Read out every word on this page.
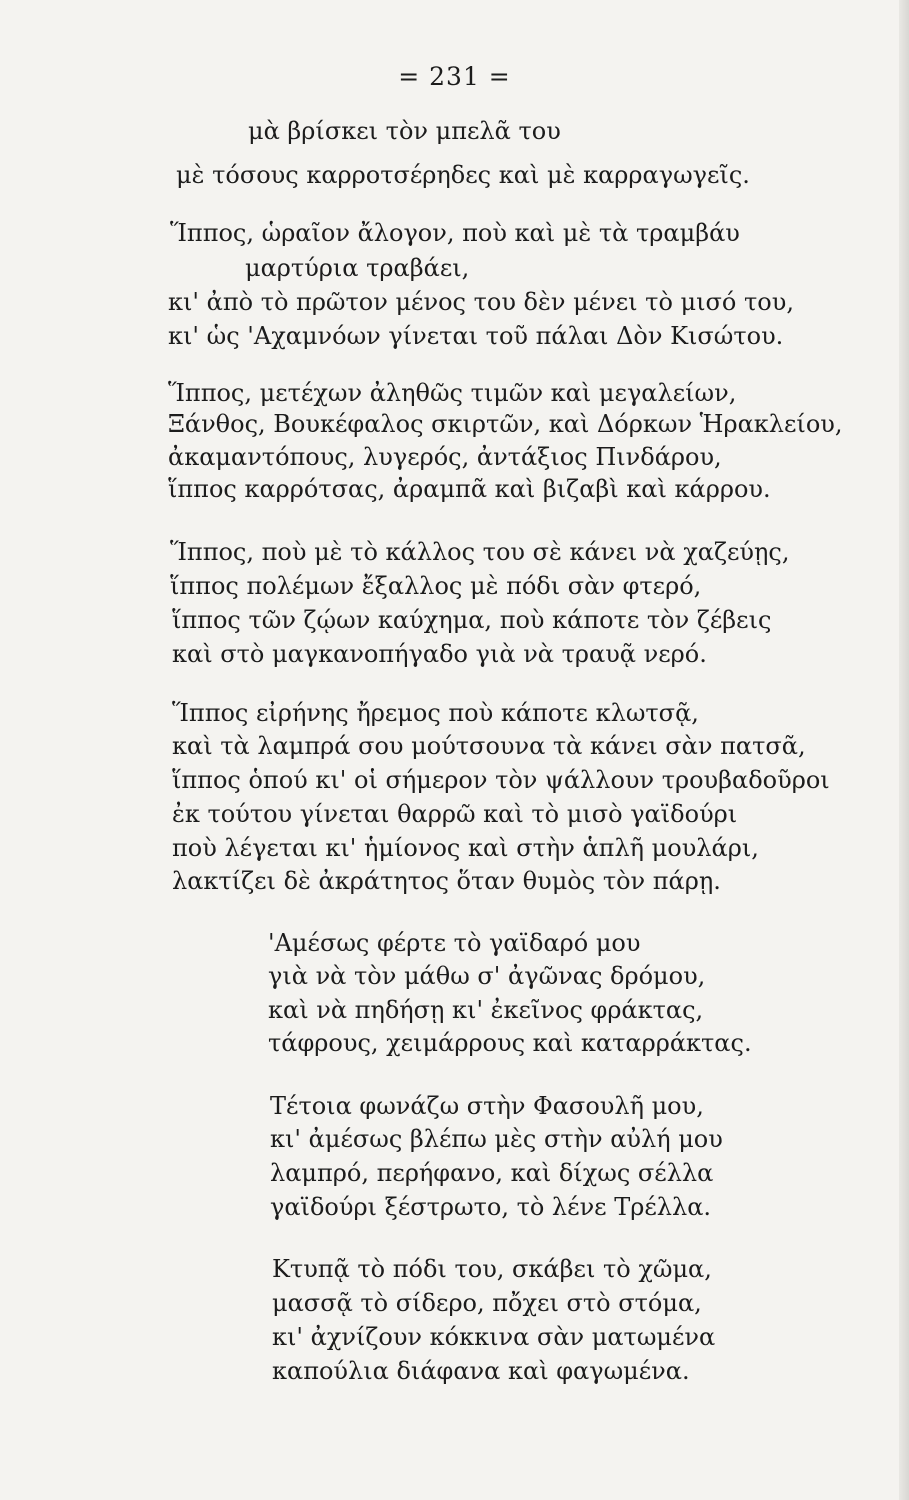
= 231 =
μὰ βρίσκει τὸν μπελᾶ του
μὲ τόσους καρροτσέρηδες καὶ μὲ καρραγωγεῖς.
Ἵππος, ὡραῖον ἄλογον, ποὺ καὶ μὲ τὰ τραμβάυ
μαρτύρια τραβάει,
κι' ἀπὸ τὸ πρῶτον μένος του δὲν μένει τὸ μισό του,
κι' ὡς 'Αχαμνόων γίνεται τοῦ πάλαι Δὸν Κισώτου.
Ἵππος, μετέχων ἀληθῶς τιμῶν καὶ μεγαλείων,
Ξάνθος, Βουκέφαλος σκιρτῶν, καὶ Δόρκων Ἡρακλείου,
ἀκαμαντόπους, λυγερός, ἀντάξιος Πινδάρου,
ἵππος καρρότσας, ἀραμπᾶ καὶ βιζαβὶ καὶ κάρρου.
Ἵππος, ποὺ μὲ τὸ κάλλος του σὲ κάνει νὰ χαζεύῃς,
ἵππος πολέμων ἔξαλλος μὲ πόδι σὰν φτερό,
ἵππος τῶν ζῴων καύχημα, ποὺ κάποτε τὸν ζέβεις
καὶ στὸ μαγκανοπήγαδο γιὰ νὰ τραυᾷ νερό.
Ἵππος εἰρήνης ἤρεμος ποὺ κάποτε κλωτσᾷ,
καὶ τὰ λαμπρά σου μούτσουνα τὰ κάνει σὰν πατσᾶ,
ἵππος ὁπού κι' οἱ σήμερον τὸν ψάλλουν τρουβαδοῦροι
ἐκ τούτου γίνεται θαρρῶ καὶ τὸ μισὸ γαϊδούρι
ποὺ λέγεται κι' ἡμίονος καὶ στὴν ἁπλῆ μουλάρι,
λακτίζει δὲ ἀκράτητος ὅταν θυμὸς τὸν πάρῃ.
'Αμέσως φέρτε τὸ γαϊδαρό μου
γιὰ νὰ τὸν μάθω σ' ἀγῶνας δρόμου,
καὶ νὰ πηδήσῃ κι' ἐκεῖνος φράκτας,
τάφρους, χειμάρρους καὶ καταρράκτας.
Τέτοια φωνάζω στὴν Φασουλῆ μου,
κι' ἀμέσως βλέπω μὲς στὴν αὐλή μου
λαμπρό, περήφανο, καὶ δίχως σέλλα
γαϊδούρι ξέστρωτο, τὸ λένε Τρέλλα.
Κτυπᾷ τὸ πόδι του, σκάβει τὸ χῶμα,
μασσᾷ τὸ σίδερο, πὄχει στὸ στόμα,
κι' ἀχνίζουν κόκκινα σὰν ματωμένα
καπούλια διάφανα καὶ φαγωμένα.
